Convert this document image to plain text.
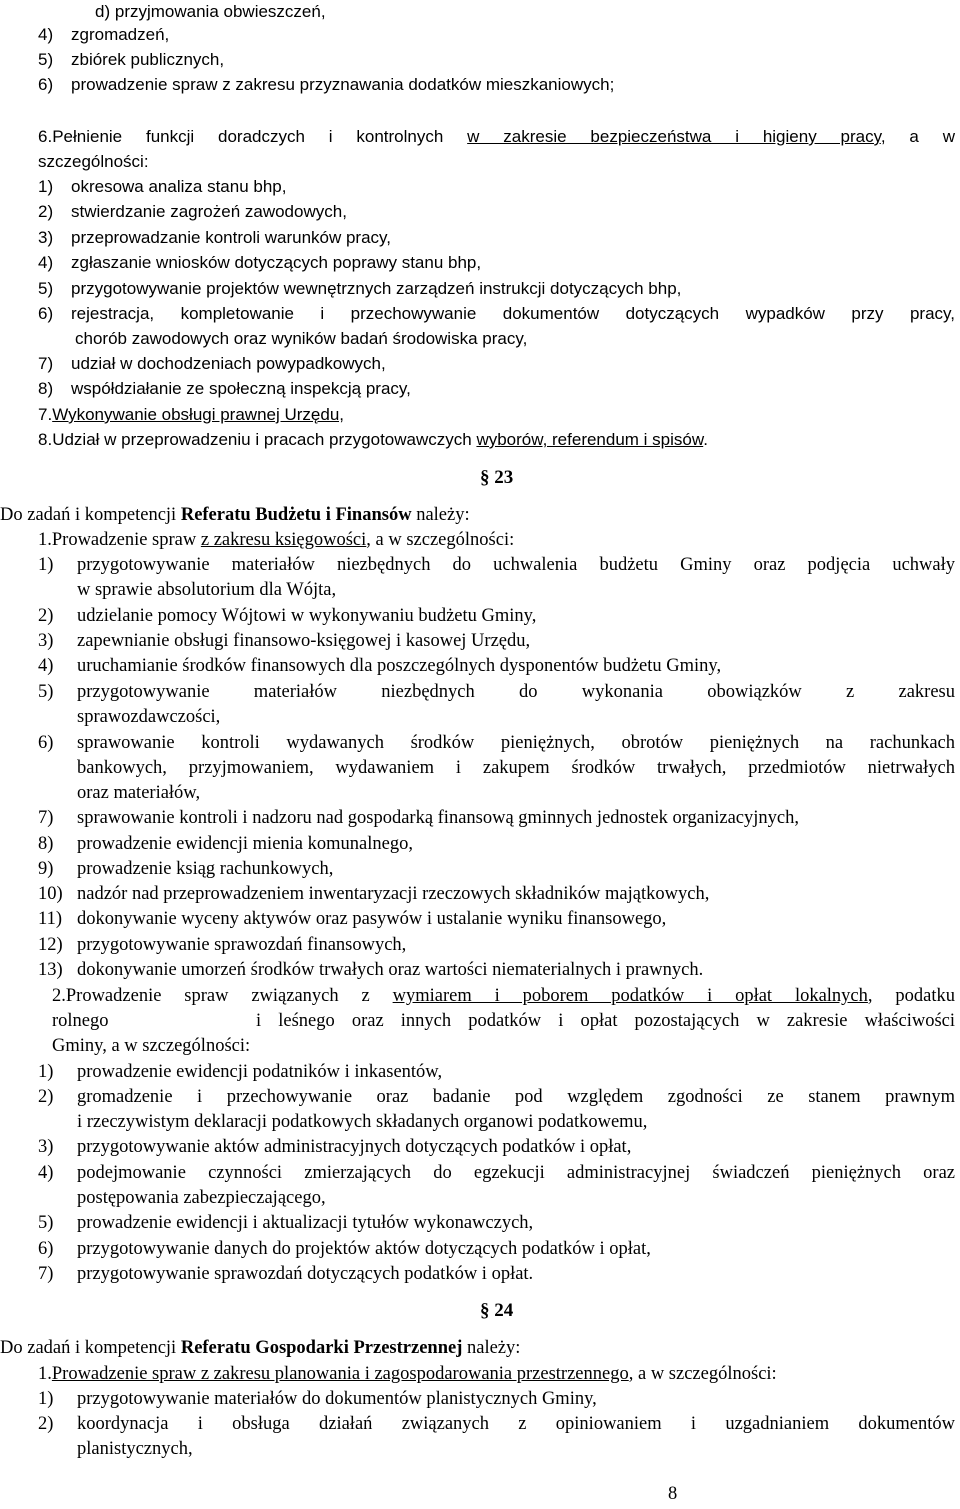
d) przyjmowania obwieszczeń,
4) zgromadzeń,
5) zbiórek publicznych,
6) prowadzenie spraw z zakresu przyznawania dodatków mieszkaniowych;
6.Pełnienie funkcji doradczych i kontrolnych w zakresie bezpieczeństwa i higieny pracy, a w
szczególności:
1) okresowa analiza stanu bhp,
2) stwierdzanie zagrożeń zawodowych,
3) przeprowadzanie kontroli warunków pracy,
4) zgłaszanie wniosków dotyczących poprawy stanu bhp,
5) przygotowywanie projektów wewnętrznych zarządzeń instrukcji dotyczących bhp,
6) rejestracja, kompletowanie i przechowywanie dokumentów dotyczących wypadków przy pracy,
chorób zawodowych oraz wyników badań środowiska pracy,
7) udział w dochodzeniach powypadkowych,
8) współdziałanie ze społeczną inspekcją pracy,
7.Wykonywanie obsługi prawnej Urzędu,
8.Udział w przeprowadzeniu i pracach przygotowawczych wyborów, referendum i spisów.
§ 23
Do zadań i kompetencji Referatu Budżetu i Finansów należy:
1.Prowadzenie spraw z zakresu księgowości, a w szczególności:
1) przygotowywanie materiałów niezbędnych do uchwalenia budżetu Gminy oraz podjęcia uchwały
w sprawie absolutorium dla Wójta,
2) udzielanie pomocy Wójtowi w wykonywaniu budżetu Gminy,
3) zapewnianie obsługi finansowo-księgowej i kasowej Urzędu,
4) uruchamianie środków finansowych dla poszczególnych dysponentów budżetu Gminy,
5) przygotowywanie materiałów niezbędnych do wykonania obowiązków z zakresu
sprawozdawczości,
6) sprawowanie kontroli wydawanych środków pieniężnych, obrotów pieniężnych na rachunkach
bankowych, przyjmowaniem, wydawaniem i zakupem środków trwałych, przedmiotów nietrwałych
oraz materiałów,
7) sprawowanie kontroli i nadzoru nad gospodarką finansową gminnych jednostek organizacyjnych,
8) prowadzenie ewidencji mienia komunalnego,
9) prowadzenie ksiąg rachunkowych,
10) nadzór nad przeprowadzeniem inwentaryzacji rzeczowych składników majątkowych,
11) dokonywanie wyceny aktywów oraz pasywów i ustalanie wyniku finansowego,
12) przygotowywanie sprawozdań finansowych,
13) dokonywanie umorzeń środków trwałych oraz wartości niematerialnych i prawnych.
2.Prowadzenie spraw związanych z wymiarem i poborem podatków i opłat lokalnych, podatku
rolnego	i leśnego oraz innych podatków i opłat pozostających w zakresie właściwości
Gminy, a w szczególności:
1) prowadzenie ewidencji podatników i inkasentów,
2) gromadzenie i przechowywanie oraz badanie pod względem zgodności ze stanem prawnym
i rzeczywistym deklaracji podatkowych składanych organowi podatkowemu,
3) przygotowywanie aktów administracyjnych dotyczących podatków i opłat,
4) podejmowanie czynności zmierzających do egzekucji administracyjnej świadczeń pieniężnych oraz
postępowania zabezpieczającego,
5) prowadzenie ewidencji i aktualizacji tytułów wykonawczych,
6) przygotowywanie danych do projektów aktów dotyczących podatków i opłat,
7) przygotowywanie sprawozdań dotyczących podatków i opłat.
§ 24
Do zadań i kompetencji Referatu Gospodarki Przestrzennej należy:
1.Prowadzenie spraw z zakresu planowania i zagospodarowania przestrzennego, a w szczególności:
1) przygotowywanie materiałów do dokumentów planistycznych Gminy,
2) koordynacja i obsługa działań związanych z opiniowaniem i uzgadnianiem dokumentów
planistycznych,
8
